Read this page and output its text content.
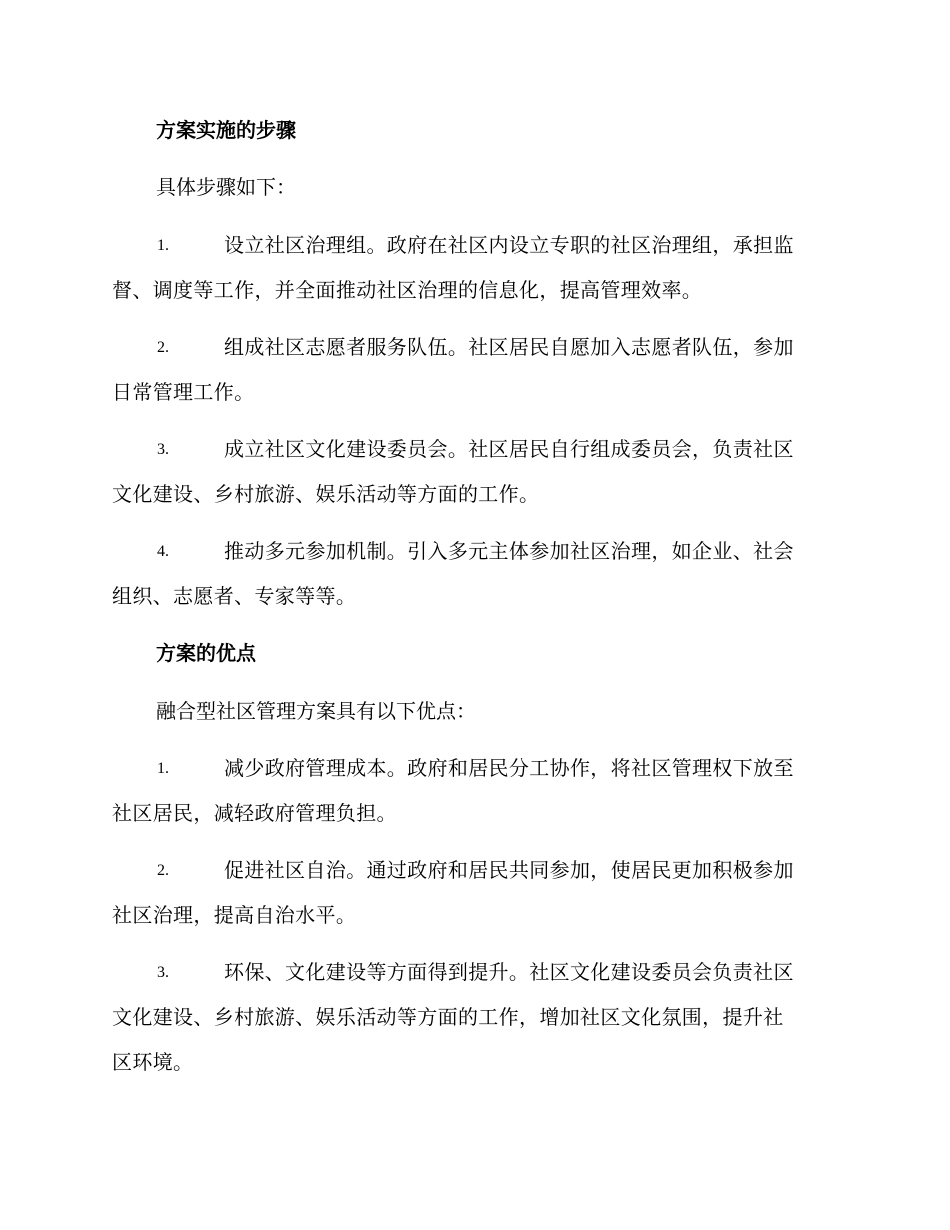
方案实施的步骤
具体步骤如下：
1.	设立社区治理组。政府在社区内设立专职的社区治理组，承担监
督、调度等工作，并全面推动社区治理的信息化，提高管理效率。
2.	组成社区志愿者服务队伍。社区居民自愿加入志愿者队伍，参加
日常管理工作。
3.	成立社区文化建设委员会。社区居民自行组成委员会，负责社区
文化建设、乡村旅游、娱乐活动等方面的工作。
4.	推动多元参加机制。引入多元主体参加社区治理，如企业、社会
组织、志愿者、专家等等。
方案的优点
融合型社区管理方案具有以下优点：
1.	减少政府管理成本。政府和居民分工协作，将社区管理权下放至
社区居民，减轻政府管理负担。
2.	促进社区自治。通过政府和居民共同参加，使居民更加积极参加
社区治理，提高自治水平。
3.	环保、文化建设等方面得到提升。社区文化建设委员会负责社区
文化建设、乡村旅游、娱乐活动等方面的工作，增加社区文化氛围，提升社
区环境。
